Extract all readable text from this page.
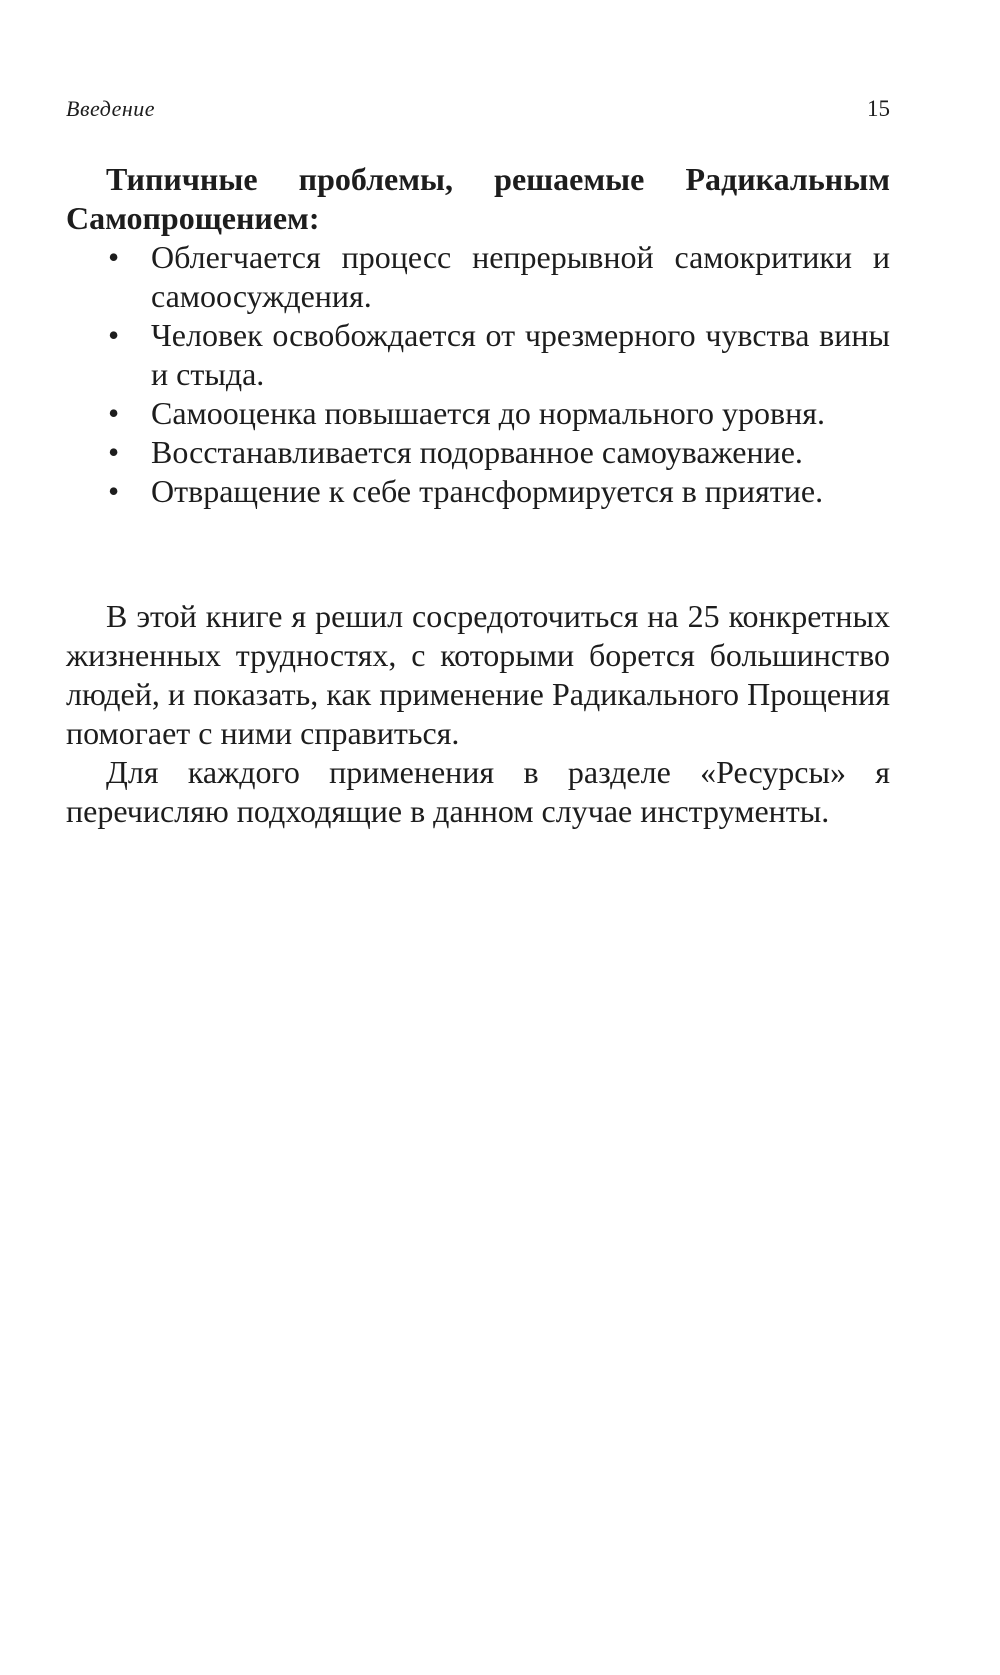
Введение	15

Типичные проблемы, решаемые Радикальным Самопрощением:

• Облегчается процесс непрерывной самокритики и самоосуждения.
• Человек освобождается от чрезмерного чувства вины и стыда.
• Самооценка повышается до нормального уровня.
• Восстанавливается подорванное самоуважение.
• Отвращение к себе трансформируется в приятие.

В этой книге я решил сосредоточиться на 25 конкретных жизненных трудностях, с которыми борется большинство людей, и показать, как применение Радикального Прощения помогает с ними справиться.

Для каждого применения в разделе «Ресурсы» я перечисляю подходящие в данном случае инструменты.
